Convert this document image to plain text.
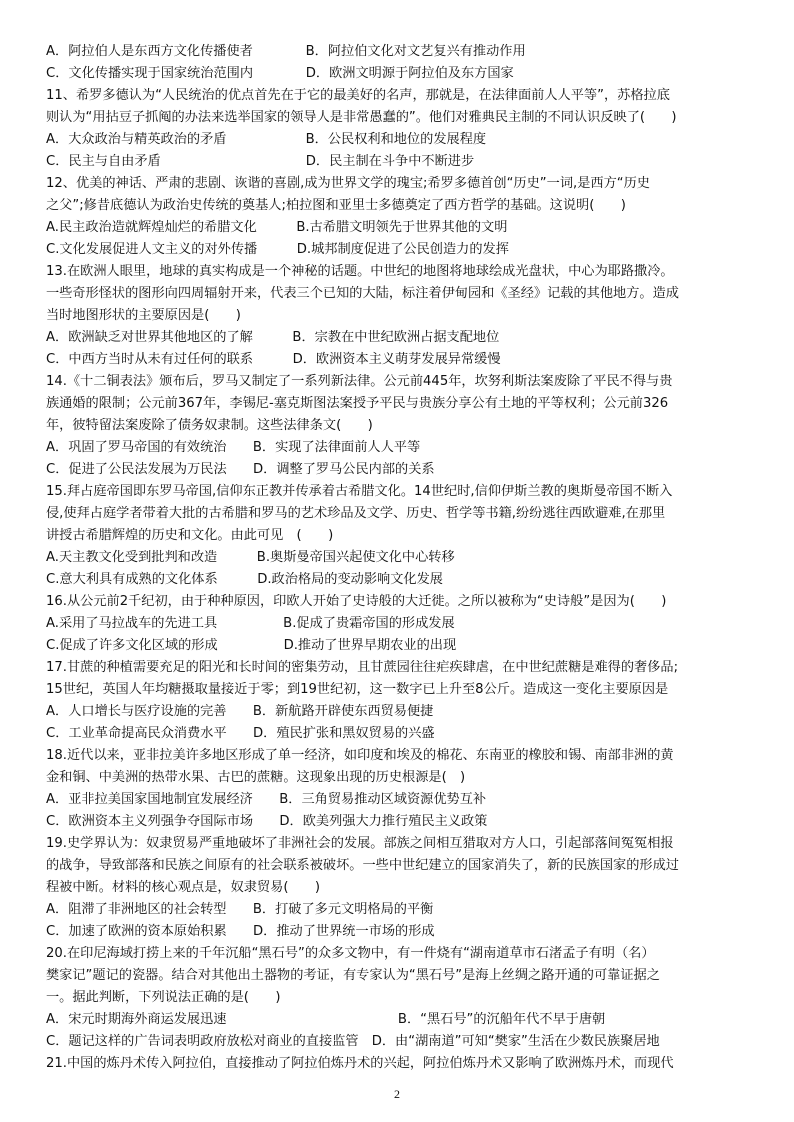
A．阿拉伯人是东西方文化传播使者　　　　B．阿拉伯文化对文艺复兴有推动作用
C．文化传播实现于国家统治范围内　　　　D．欧洲文明源于阿拉伯及东方国家
11、希罗多德认为“人民统治的优点首先在于它的最美好的名声，那就是，在法律面前人人平等”，苏格拉底
则认为“用拈豆子抓阄的办法来选举国家的领导人是非常愚蠢的”。他们对雅典民主制的不同认识反映了(　　)
A．大众政治与精英政治的矛盾　　　　　　B．公民权利和地位的发展程度
C．民主与自由矛盾　　　　　　　　　　　D．民主制在斗争中不断进步
12、优美的神话、严肃的悲剧、诙谐的喜剧,成为世界文学的瑰宝;希罗多德首创“历史”一词,是西方“历史
之父”;修昔底德认为政治史传统的奠基人;柏拉图和亚里士多德奠定了西方哲学的基础。这说明(　　)
A.民主政治造就辉煌灿烂的希腊文化　　　B.古希腊文明领先于世界其他的文明
C.文化发展促进人文主义的对外传播　　　D.城邦制度促进了公民创造力的发挥
13.在欧洲人眼里，地球的真实构成是一个神秘的话题。中世纪的地图将地球绘成光盘状，中心为耶路撒冷。
一些奇形怪状的图形向四周辐射开来，代表三个已知的大陆，标注着伊甸园和《圣经》记载的其他地方。造成
当时地图形状的主要原因是(　　)
A．欧洲缺乏对世界其他地区的了解　　　B．宗教在中世纪欧洲占据支配地位
C．中西方当时从未有过任何的联系　　　D．欧洲资本主义萌芽发展异常缓慢
14.《十二铜表法》颁布后，罗马又制定了一系列新法律。公元前445年，坎努利斯法案废除了平民不得与贵
族通婚的限制；公元前367年，李锡尼-塞克斯图法案授予平民与贵族分享公有土地的平等权利；公元前326
年，彼特留法案废除了债务奴隶制。这些法律条文(　　)
A．巩固了罗马帝国的有效统治　　B．实现了法律面前人人平等
C．促进了公民法发展为万民法　　D．调整了罗马公民内部的关系
15.拜占庭帝国即东罗马帝国,信仰东正教并传承着古希腊文化。14世纪时,信仰伊斯兰教的奥斯曼帝国不断入
侵,使拜占庭学者带着大批的古希腊和罗马的艺术珍品及文学、历史、哲学等书籍,纷纷逃往西欧避难,在那里
讲授古希腊辉煌的历史和文化。由此可见　(　　)
A.天主教文化受到批判和改造　　　B.奥斯曼帝国兴起使文化中心转移
C.意大利具有成熟的文化体系　　　D.政治格局的变动影响文化发展
16.从公元前2千纪初，由于种种原因，印欧人开始了史诗般的大迁徙。之所以被称为“史诗般”是因为(　　)
A.采用了马拉战车的先进工具　　　　　B.促成了贵霜帝国的形成发展
C.促成了许多文化区域的形成　　　　　D.推动了世界早期农业的出现
17.甘蔗的种植需要充足的阳光和长时间的密集劳动，且甘蔗园往往疟疾肆虐，在中世纪蔗糖是难得的奢侈品;
15世纪，英国人年均糖摄取量接近于零；到19世纪初，这一数字已上升至8公斤。造成这一变化主要原因是
A．人口增长与医疗设施的完善　　B．新航路开辟使东西贸易便捷
C．工业革命提高民众消费水平　　D．殖民扩张和黑奴贸易的兴盛
18.近代以来，亚非拉美许多地区形成了单一经济，如印度和埃及的棉花、东南亚的橡胶和锡、南部非洲的黄
金和铜、中美洲的热带水果、古巴的蔗糖。这现象出现的历史根源是(　)
A．亚非拉美国家国地制宜发展经济　　B．三角贸易推动区域资源优势互补
C．欧洲资本主义列强争夺国际市场　　D．欧美列强大力推行殖民主义政策
19.史学界认为：奴隶贸易严重地破坏了非洲社会的发展。部族之间相互猎取对方人口，引起部落间冤冤相报
的战争，导致部落和民族之间原有的社会联系被破坏。一些中世纪建立的国家消失了，新的民族国家的形成过
程被中断。材料的核心观点是，奴隶贸易(　　)
A．阻滞了非洲地区的社会转型　　B．打破了多元文明格局的平衡
C．加速了欧洲的资本原始积累　　D．推动了世界统一市场的形成
20.在印尼海域打捞上来的千年沉船“黑石号”的众多文物中，有一件烧有“湖南道草市石渚孟子有明（名）
樊家记”题记的瓷器。结合对其他出土器物的考证，有专家认为“黑石号”是海上丝绸之路开通的可靠证据之
一。据此判断，下列说法正确的是(　　)
A．宋元时期海外商运发展迅速　　　　　　　　　　　　　B．“黑石号”的沉船年代不早于唐朝
C．题记这样的广告词表明政府放松对商业的直接监管　D．由“湖南道”可知“樊家”生活在少数民族聚居地
21.中国的炼丹术传入阿拉伯，直接推动了阿拉伯炼丹术的兴起，阿拉伯炼丹术又影响了欧洲炼丹术，而现代
2
